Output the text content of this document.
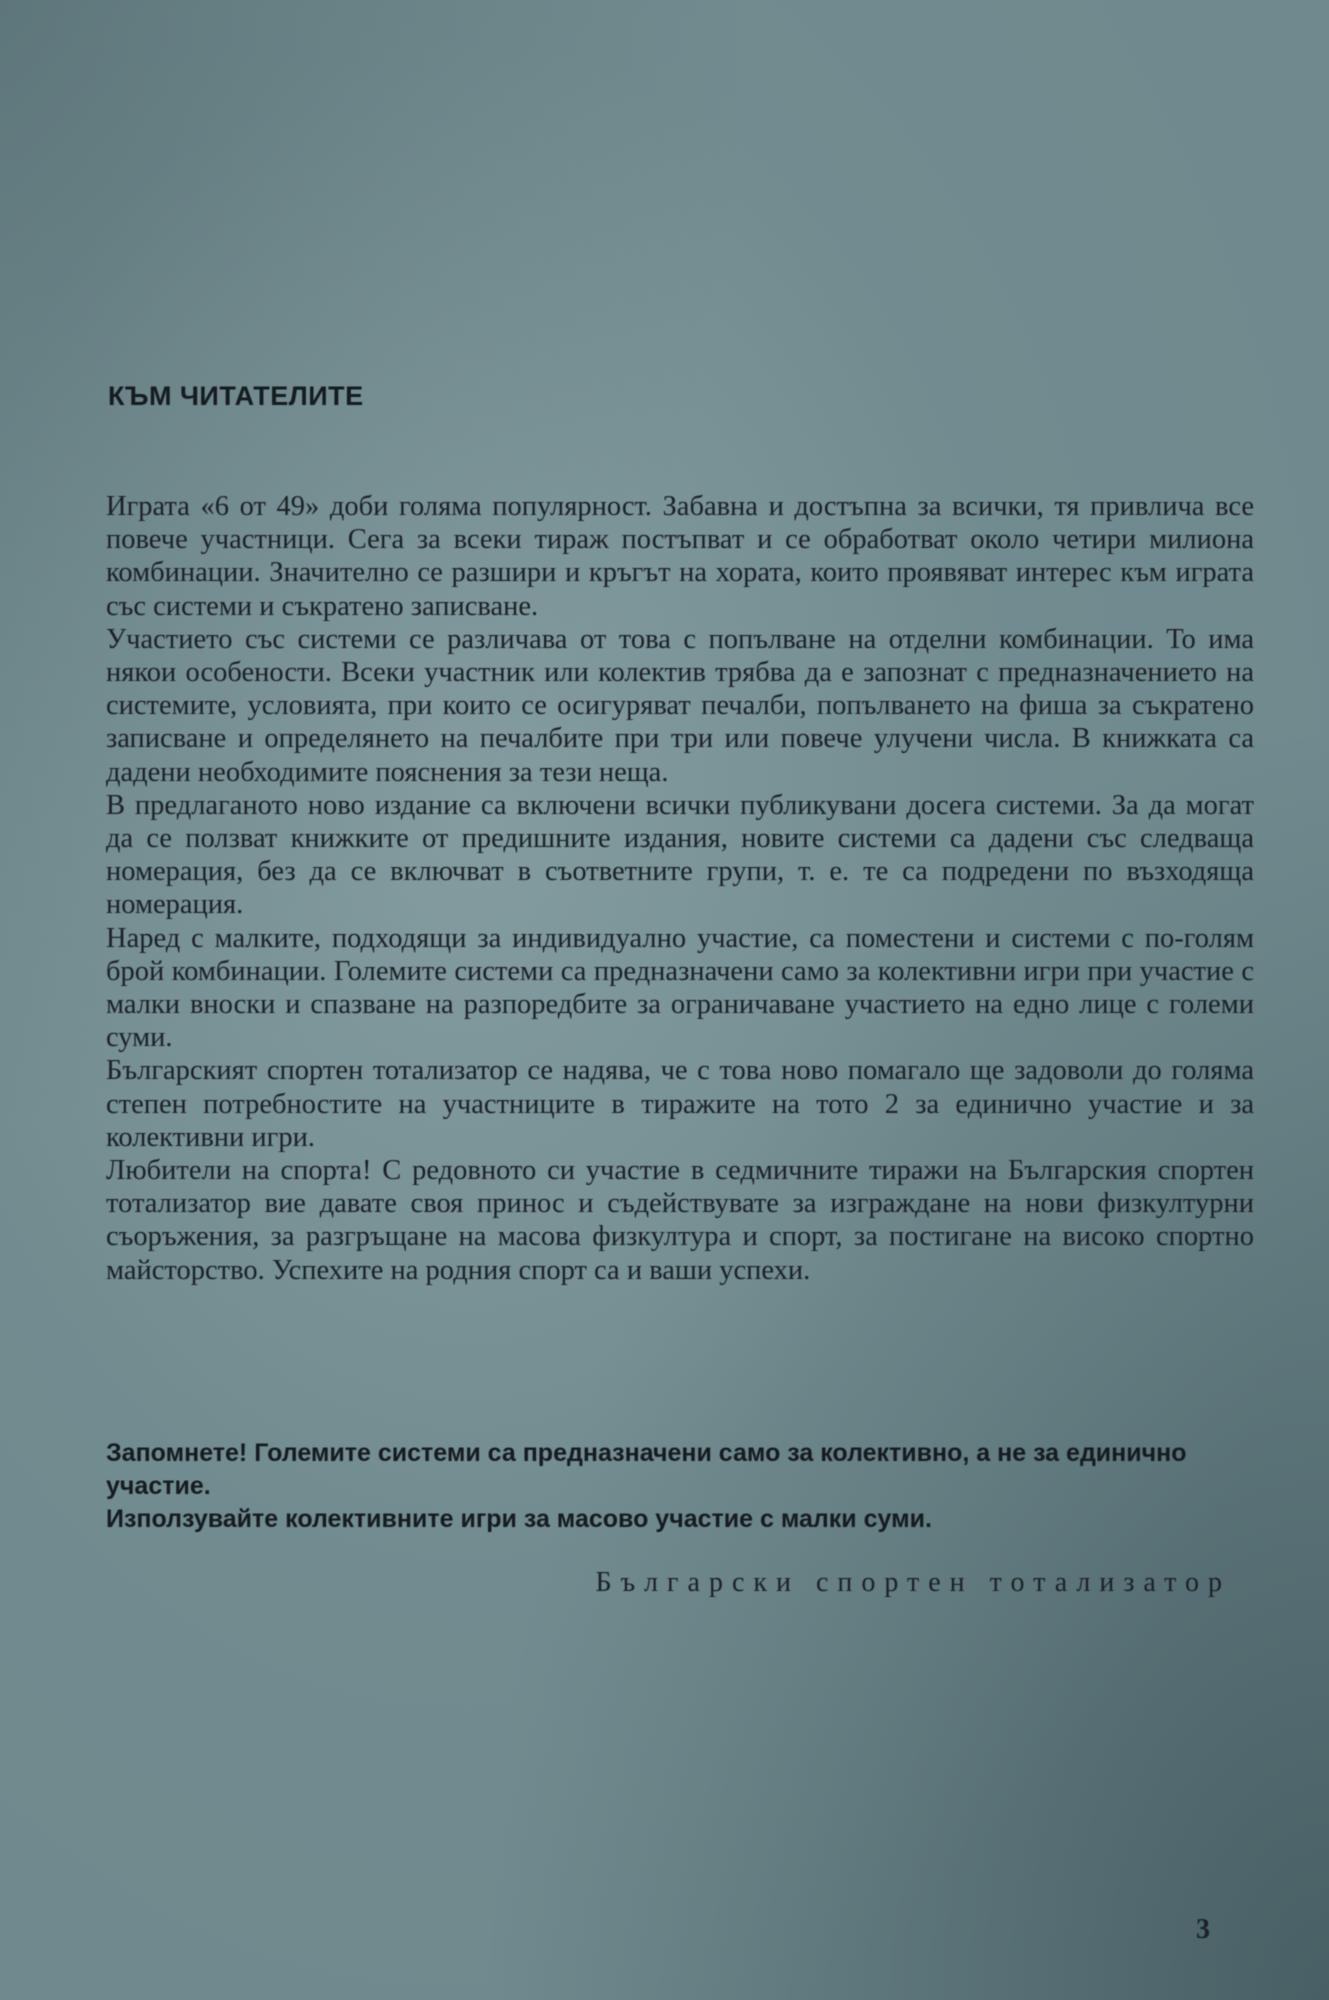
КЪМ ЧИТАТЕЛИТЕ

Играта «6 от 49» доби голяма популярност. Забавна и достъпна за всички, тя привлича все повече участници. Сега за всеки тираж постъпват и се обработват около четири милиона комбинации. Значително се разшири и кръгът на хората, които проявяват интерес към играта със системи и съкратено записване.

Участието със системи се различава от това с попълване на отделни комбинации. То има някои особености. Всеки участник или колектив трябва да е запознат с предназначението на системите, условията, при които се осигуряват печалби, попълването на фиша за съкратено записване и определянето на печалбите при три или повече улучени числа. В книжката са дадени необходимите пояснения за тези неща.

В предлаганото ново издание са включени всички публикувани досега системи. За да могат да се ползват книжките от предишните издания, новите системи са дадени със следваща номерация, без да се включват в съответните групи, т. е. те са подредени по възходяща номерация.

Наред с малките, подходящи за индивидуално участие, са поместени и системи с по-голям брой комбинации. Големите системи са предназначени само за колективни игри при участие с малки вноски и спазване на разпоредбите за ограничаване участието на едно лице с големи суми.

Българският спортен тотализатор се надява, че с това ново помагало ще задоволи до голяма степен потребностите на участниците в тиражите на тото 2 за единично участие и за колективни игри.

Любители на спорта! С редовното си участие в седмичните тиражи на Българския спортен тотализатор вие давате своя принос и съдействувате за изграждане на нови физкултурни съоръжения, за разгръщане на масова физкултура и спорт, за постигане на високо спортно майсторство. Успехите на родния спорт са и ваши успехи.

Запомнете! Големите системи са предназначени само за колективно, а не за единично участие.

Използувайте колективните игри за масово участие с малки суми.

Български спортен тотализатор

3
